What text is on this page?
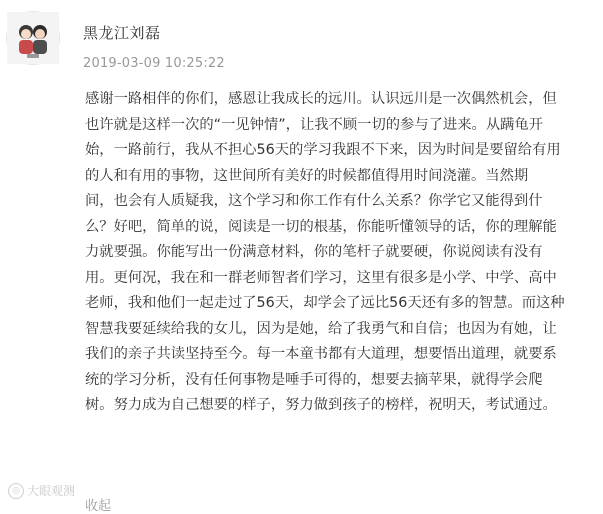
黑龙江刘磊
2019-03-09 10:25:22
感谢一路相伴的你们，感恩让我成长的远川。认识远川是一次偶然机会，但
也许就是这样一次的“一见钟情”，让我不顾一切的参与了进来。从蹒龟开
始，一路前行，我从不担心56天的学习我跟不下来，因为时间是要留给有用
的人和有用的事物，这世间所有美好的时候都值得用时间浇灌。当然期
间，也会有人质疑我，这个学习和你工作有什么关系？你学它又能得到什
么？好吧，简单的说，阅读是一切的根基，你能听懂领导的话，你的理解能
力就要强。你能写出一份满意材料，你的笔杆子就要硬，你说阅读有没有
用。更何况，我在和一群老师智者们学习，这里有很多是小学、中学、高中
老师，我和他们一起走过了56天，却学会了远比56天还有多的智慧。而这种
智慧我要延续给我的女儿，因为是她，给了我勇气和自信；也因为有她，让
我们的亲子共读坚持至今。每一本童书都有大道理，想要悟出道理，就要系
统的学习分析，没有任何事物是唾手可得的，想要去摘苹果，就得学会爬
树。努力成为自己想要的样子，努力做到孩子的榜样，祝明天，考试通过。
◎ 大眼观测
收起
